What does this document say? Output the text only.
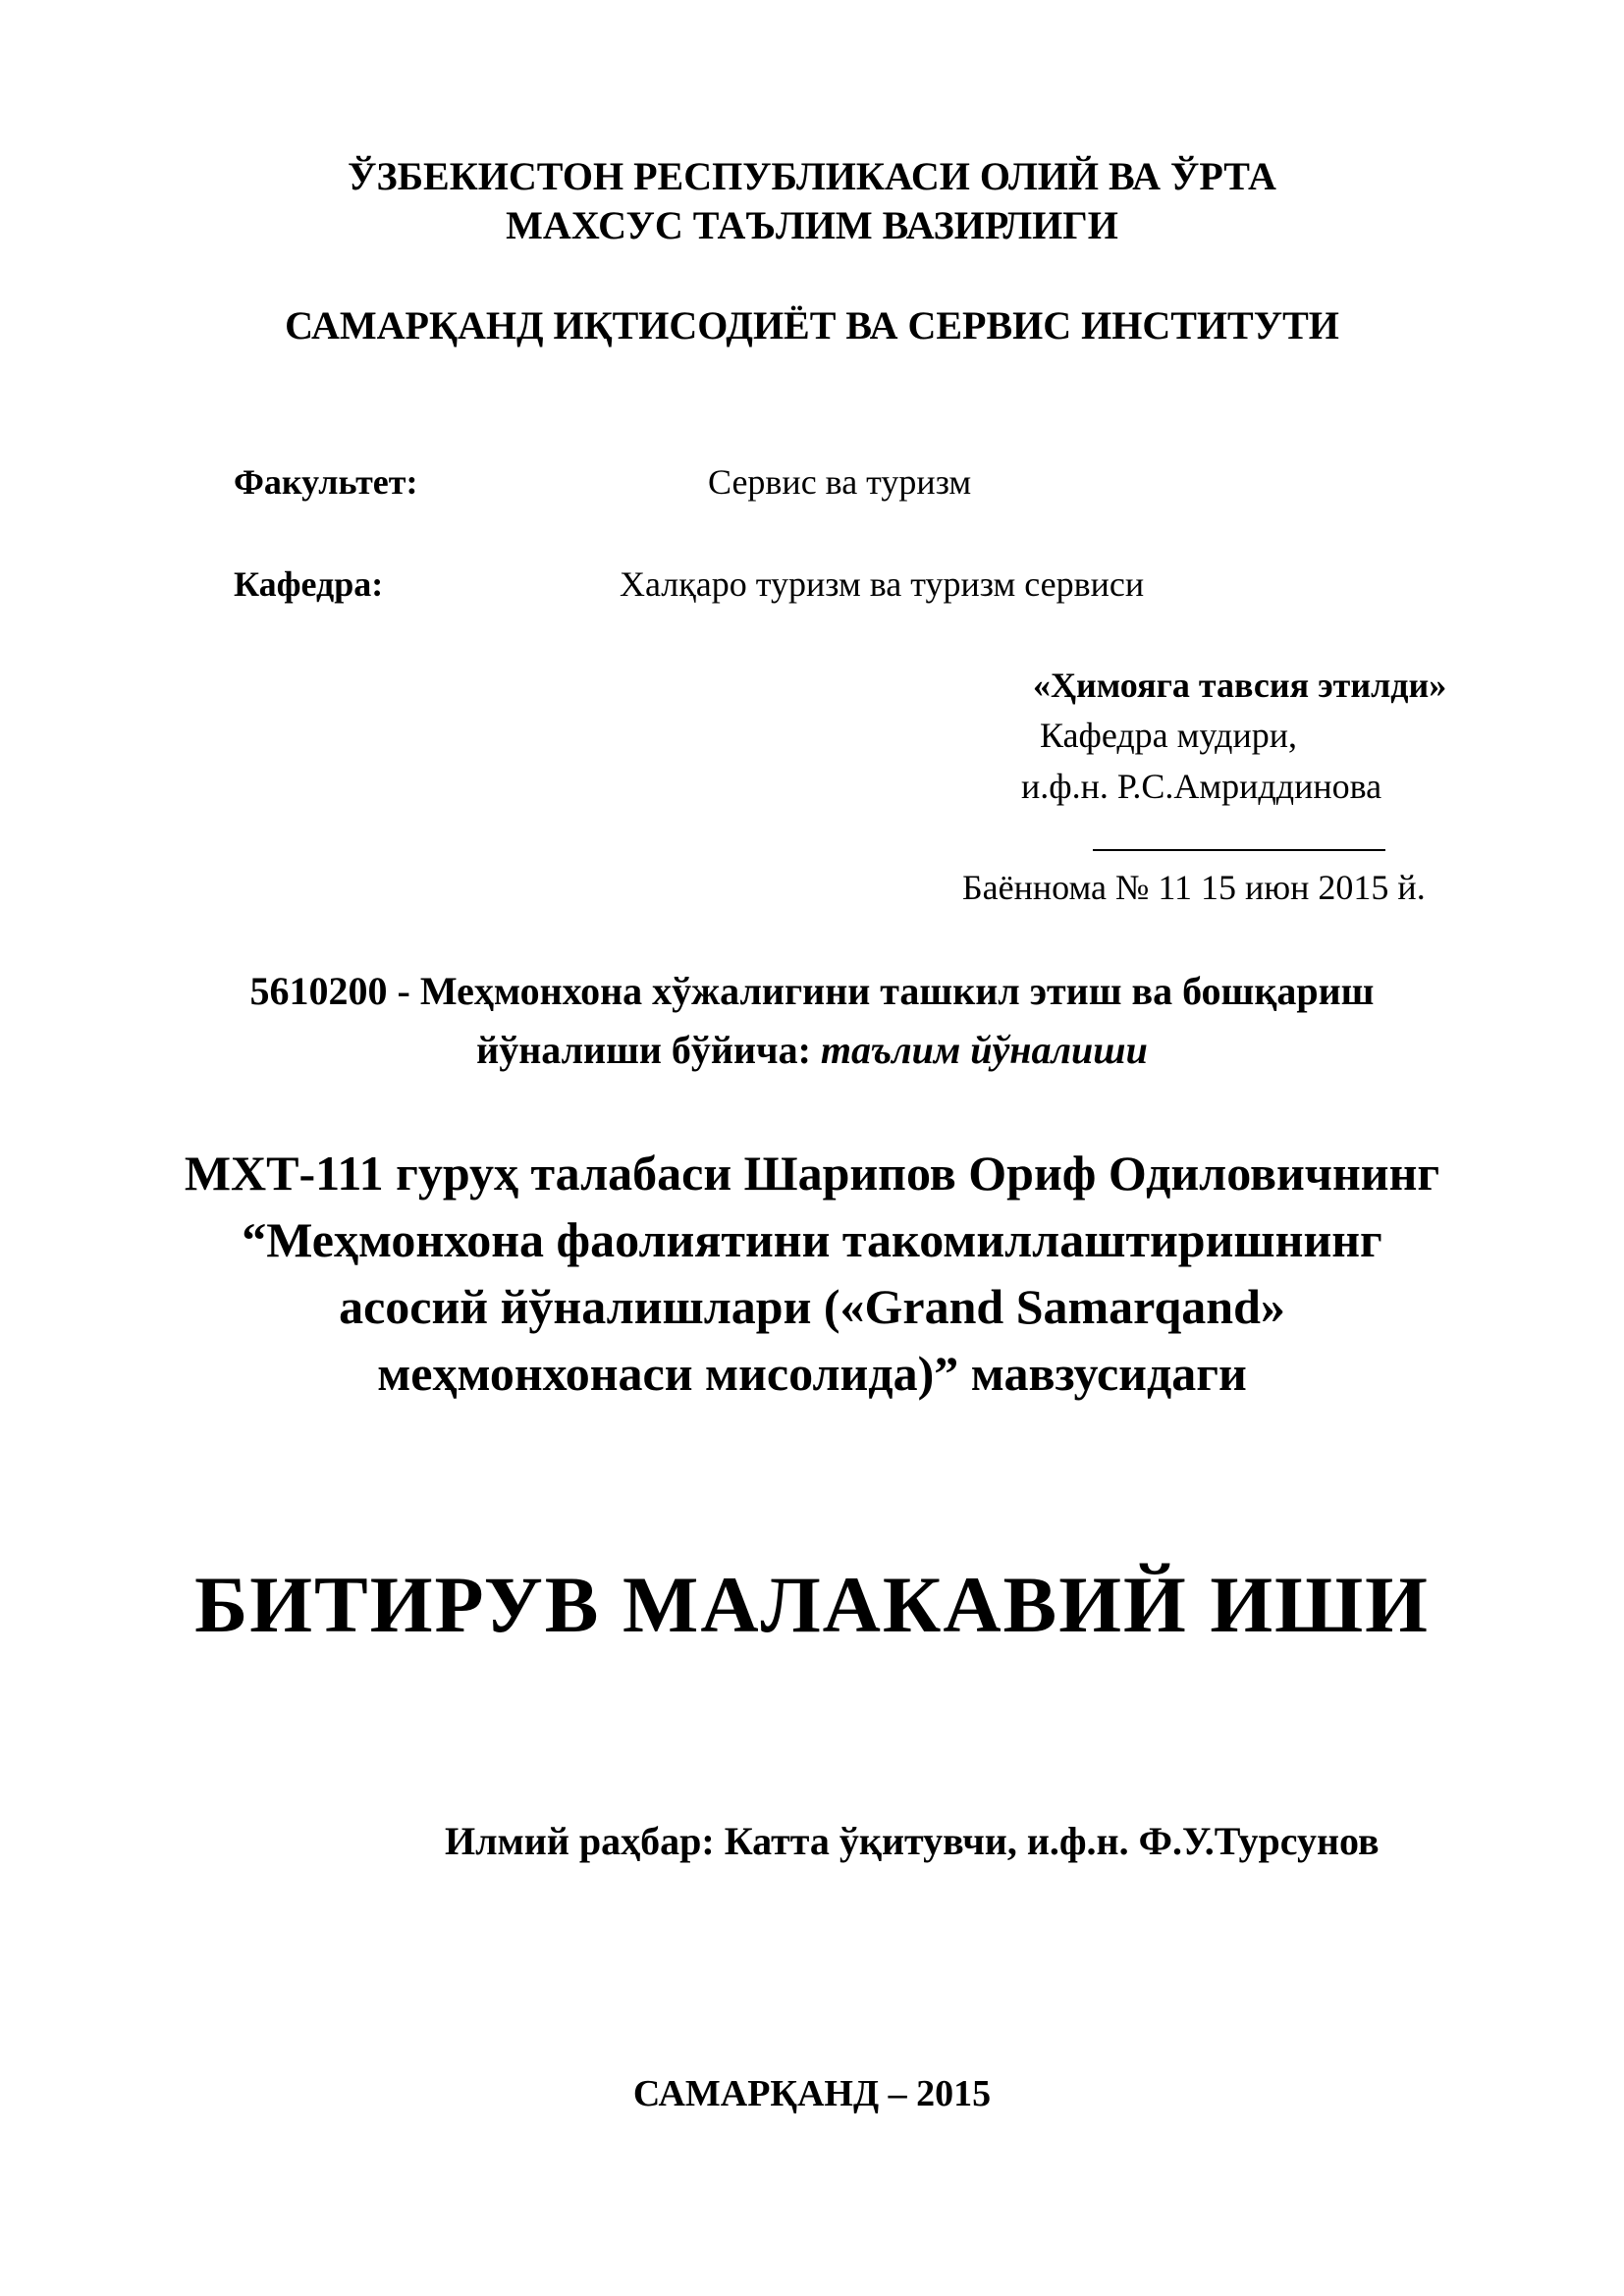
ЎЗБЕКИСТОН РЕСПУБЛИКАСИ ОЛИЙ ВА ЎРТА
МАХСУС ТАЪЛИМ ВАЗИРЛИГИ
САМАРҚАНД ИҚТИСОДИЁТ ВА СЕРВИС ИНСТИТУТИ
Факультет:	Сервис ва туризм
Кафедра:	Халқаро туризм ва туризм сервиси
«Ҳимояга тавсия этилди»
Кафедра мудири,
и.ф.н. Р.С.Амриддинова
Баённома № 11 15 июн 2015 й.
5610200 - Меҳмонхона хўжалигини ташкил этиш ва бошқариш
йўналиши бўйича: таълим йўналиши
МХТ-111 гуруҳ талабаси Шарипов Ориф Одиловичнинг
“Меҳмонхона фаолиятини такомиллаштиришнинг
асосий йўналишлари («Grand Samarqand»
меҳмонхонаси мисолида)” мавзусидаги
БИТИРУВ МАЛАКАВИЙ ИШИ
Илмий раҳбар: Катта ўқитувчи, и.ф.н. Ф.У.Турсунов
САМАРҚАНД – 2015
